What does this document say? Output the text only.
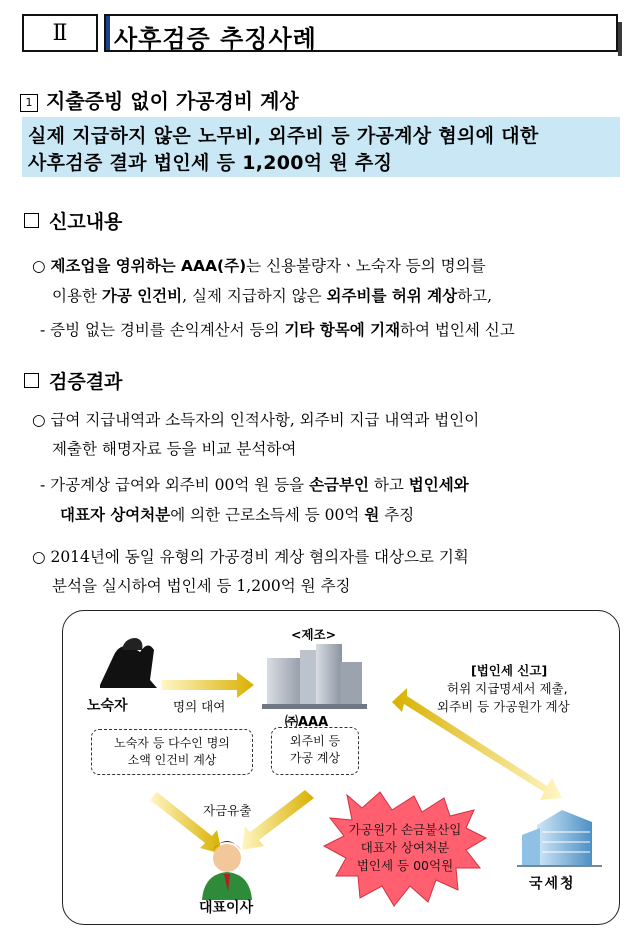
Ⅱ 사후검증 추징사례
1 지출증빙 없이 가공경비 계상
실제 지급하지 않은 노무비, 외주비 등 가공계상 혐의에 대한
사후검증 결과 법인세 등 1,200억 원 추징
신고내용
○ 제조업을 영위하는 AAA(주)는 신용불량자ㆍ노숙자 등의 명의를
이용한 가공 인건비, 실제 지급하지 않은 외주비를 허위 계상하고,
- 증빙 없는 경비를 손익계산서 등의 기타 항목에 기재하여 법인세 신고
검증결과
○ 급여 지급내역과 소득자의 인적사항, 외주비 지급 내역과 법인이
제출한 해명자료 등을 비교 분석하여
- 가공계상 급여와 외주비 00억 원 등을 손금부인 하고 법인세와
대표자 상여처분에 의한 근로소득세 등 00억 원 추징
○ 2014년에 동일 유형의 가공경비 계상 혐의자를 대상으로 기획
분석을 실시하여 법인세 등 1,200억 원 추징
<제조>
노숙자	명의 대여
㈜AAA
노숙자 등 다수인 명의
소액 인건비 계상
외주비 등
가공 계상
[법인세 신고]
허위 지급명세서 제출,
외주비 등 가공원가 계상
자금유출
가공원가 손금불산입
대표자 상여처분
법인세 등 00억원
대표이사
국세청
